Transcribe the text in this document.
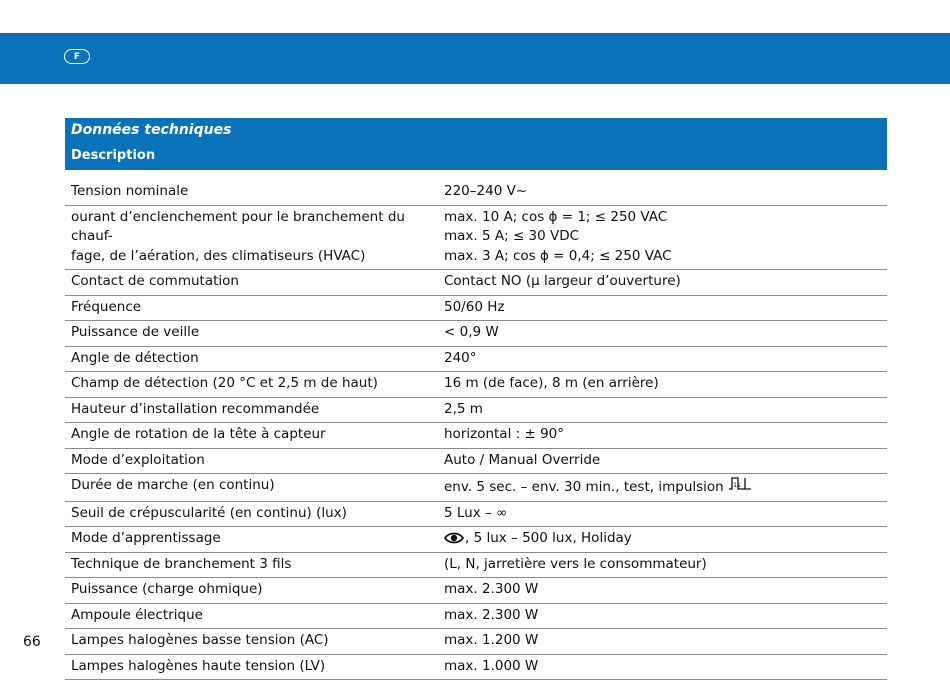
F
Données techniques
Description
Tension nominale	220–240 V~
ourant d’enclenchement pour le branchement du chauf-
fage, de l’aération, des climatiseurs (HVAC)	max. 10 A; cos ɸ = 1; ≤ 250 VAC
max. 5 A; ≤ 30 VDC
max. 3 A; cos ɸ = 0,4; ≤ 250 VAC
Contact de commutation	Contact NO (µ largeur d’ouverture)
Fréquence	50/60 Hz
Puissance de veille	< 0,9 W
Angle de détection	240°
Champ de détection (20 °C et 2,5 m de haut)	16 m (de face), 8 m (en arrière)
Hauteur d’installation recommandée	2,5 m
Angle de rotation de la tête à capteur	horizontal : ± 90°
Mode d’exploitation	Auto / Manual Override
Durée de marche (en continu)	env. 5 sec. – env. 30 min., test, impulsion 1s

Seuil de crépuscularité (en continu) (lux)	5 Lux – ∞
Mode d’apprentissage	, 5 lux – 500 lux, Holiday
Technique de branchement 3 fils	(L, N, jarretière vers le consommateur)
Puissance (charge ohmique)	max. 2.300 W
Ampoule électrique	max. 2.300 W
Lampes halogènes basse tension (AC)	max. 1.200 W
Lampes halogènes haute tension (LV)	max. 1.000 W
66
